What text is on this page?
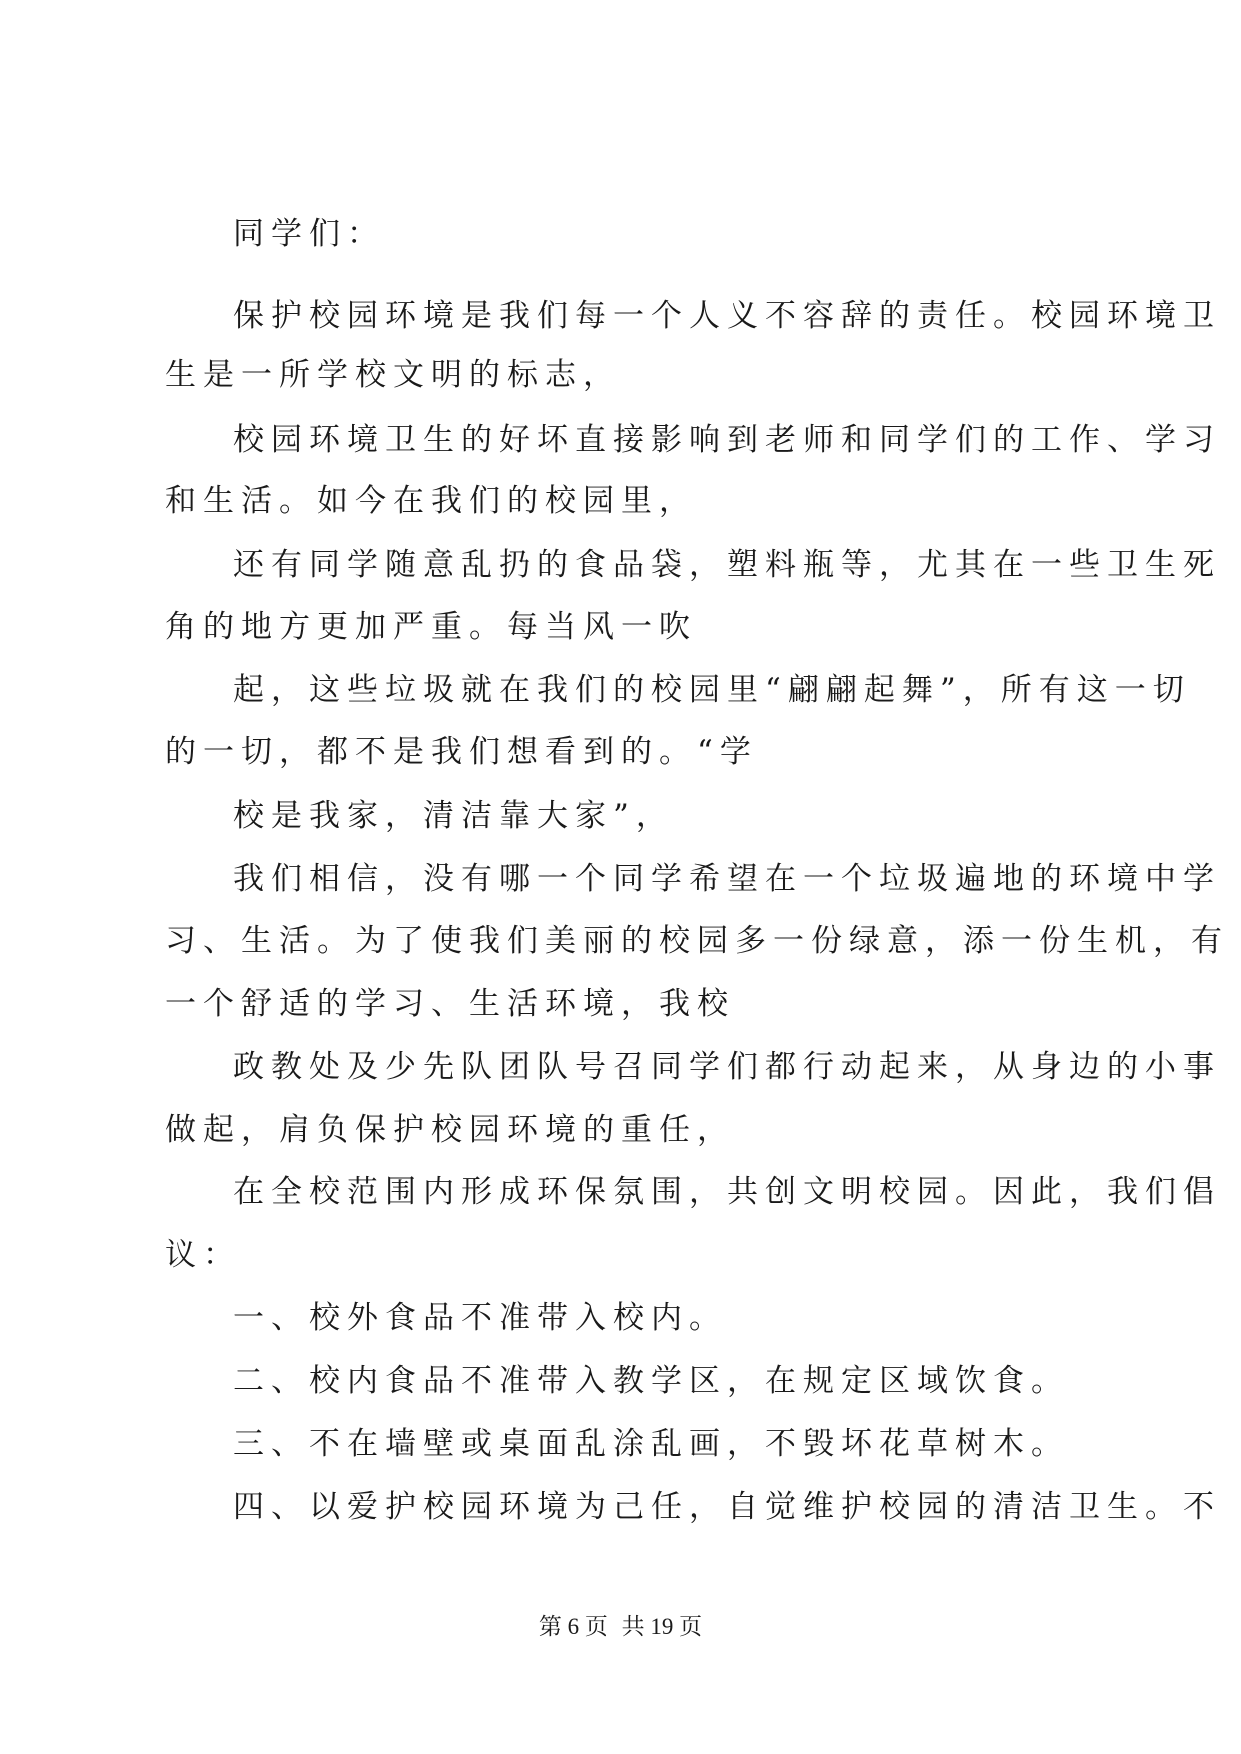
同学们：
保护校园环境是我们每一个人义不容辞的责任。校园环境卫
生是一所学校文明的标志，
校园环境卫生的好坏直接影响到老师和同学们的工作、学习
和生活。如今在我们的校园里，
还有同学随意乱扔的食品袋，塑料瓶等，尤其在一些卫生死
角的地方更加严重。每当风一吹
起，这些垃圾就在我们的校园里“翩翩起舞”，所有这一切
的一切，都不是我们想看到的。“学
校是我家，清洁靠大家”，
我们相信，没有哪一个同学希望在一个垃圾遍地的环境中学
习、生活。为了使我们美丽的校园多一份绿意，添一份生机，有
一个舒适的学习、生活环境，我校
政教处及少先队团队号召同学们都行动起来，从身边的小事
做起，肩负保护校园环境的重任，
在全校范围内形成环保氛围，共创文明校园。因此，我们倡
议：
一、校外食品不准带入校内。
二、校内食品不准带入教学区，在规定区域饮食。
三、不在墙壁或桌面乱涂乱画，不毁坏花草树木。
四、以爱护校园环境为己任，自觉维护校园的清洁卫生。不
第 6 页 共 19 页
